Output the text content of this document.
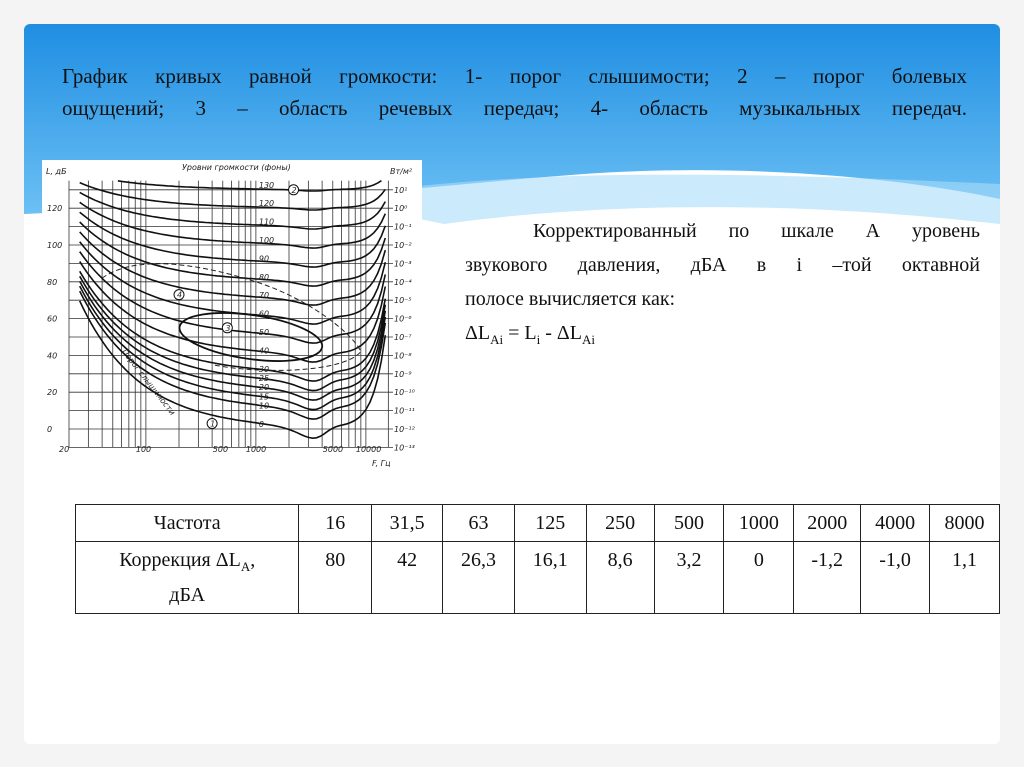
График кривых равной громкости: 1- порог слышимости; 2 – порог болевых
ощущений; 3 – область речевых передач; 4- область музыкальных передач.
130
120
110
100
90
80
70
60
50
40
30
25
20
15
10
0
1
2
3
4
L, дБ	Уровни громкости (фоны)	Вт/м²
120
100
80
60
40
20
0
20	100	500 1000	5000 10000
F, Гц
10¹
10⁰
10⁻¹
10⁻²
10⁻³
10⁻⁴
10⁻⁵
10⁻⁶
10⁻⁷
10⁻⁸
10⁻⁹
10⁻¹⁰
10⁻¹¹
10⁻¹²
10⁻¹³
Порог слышимости
Корректированный по шкале А уровень
звукового давления, дБА в i –той октавной
полосе вычисляется как:
$\Delta L_{Ai} = L_i - \Delta L_{Ai}$
Частота	16	31,5	63	125	250	500	1000	2000	4000	8000
Коррекция $\Delta L_A$,
дБА	80	42	26,3	16,1	8,6	3,2	0	-1,2	-1,0	1,1
